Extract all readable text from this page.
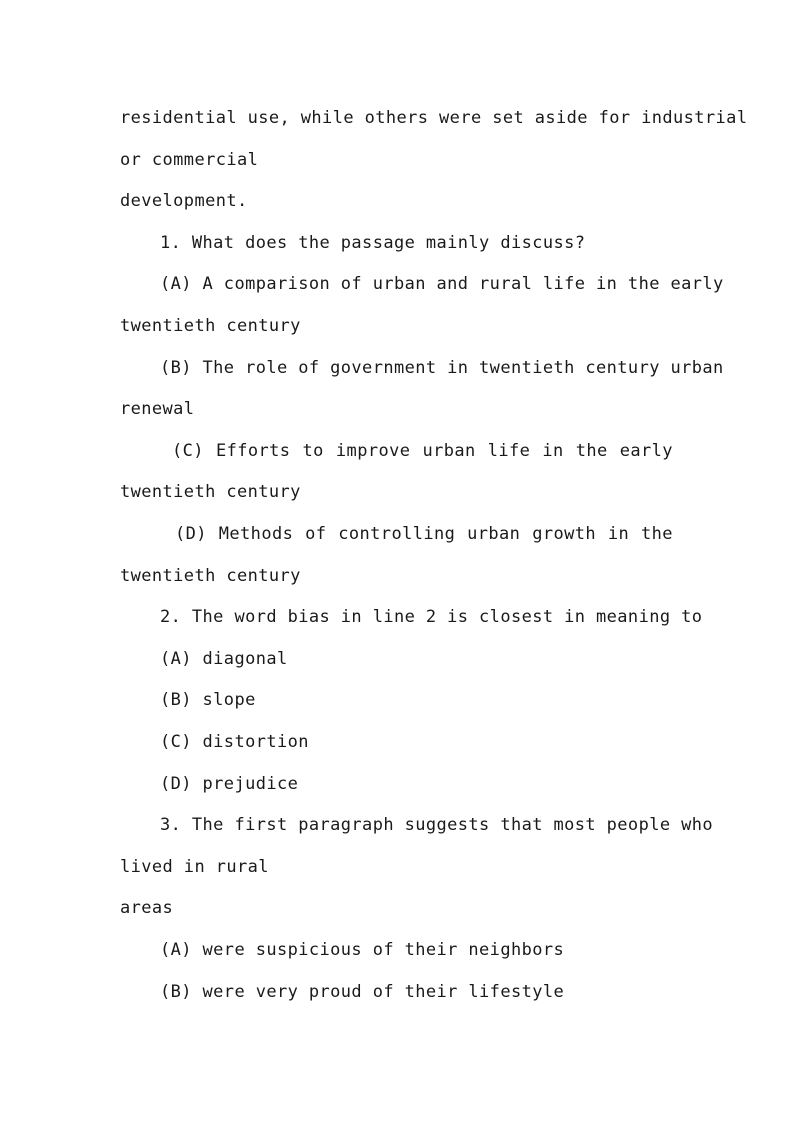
residential use, while others were set aside for industrial
or commercial
development.
1. What does the passage mainly discuss?
(A) A comparison of urban and rural life in the early
twentieth century
(B) The role of government in twentieth century urban
renewal
(C) Efforts to improve urban life in the early
twentieth century
(D) Methods of controlling urban growth in the
twentieth century
2. The word bias in line 2 is closest in meaning to
(A) diagonal
(B) slope
(C) distortion
(D) prejudice
3. The first paragraph suggests that most people who
lived in rural
areas
(A) were suspicious of their neighbors
(B) were very proud of their lifestyle
